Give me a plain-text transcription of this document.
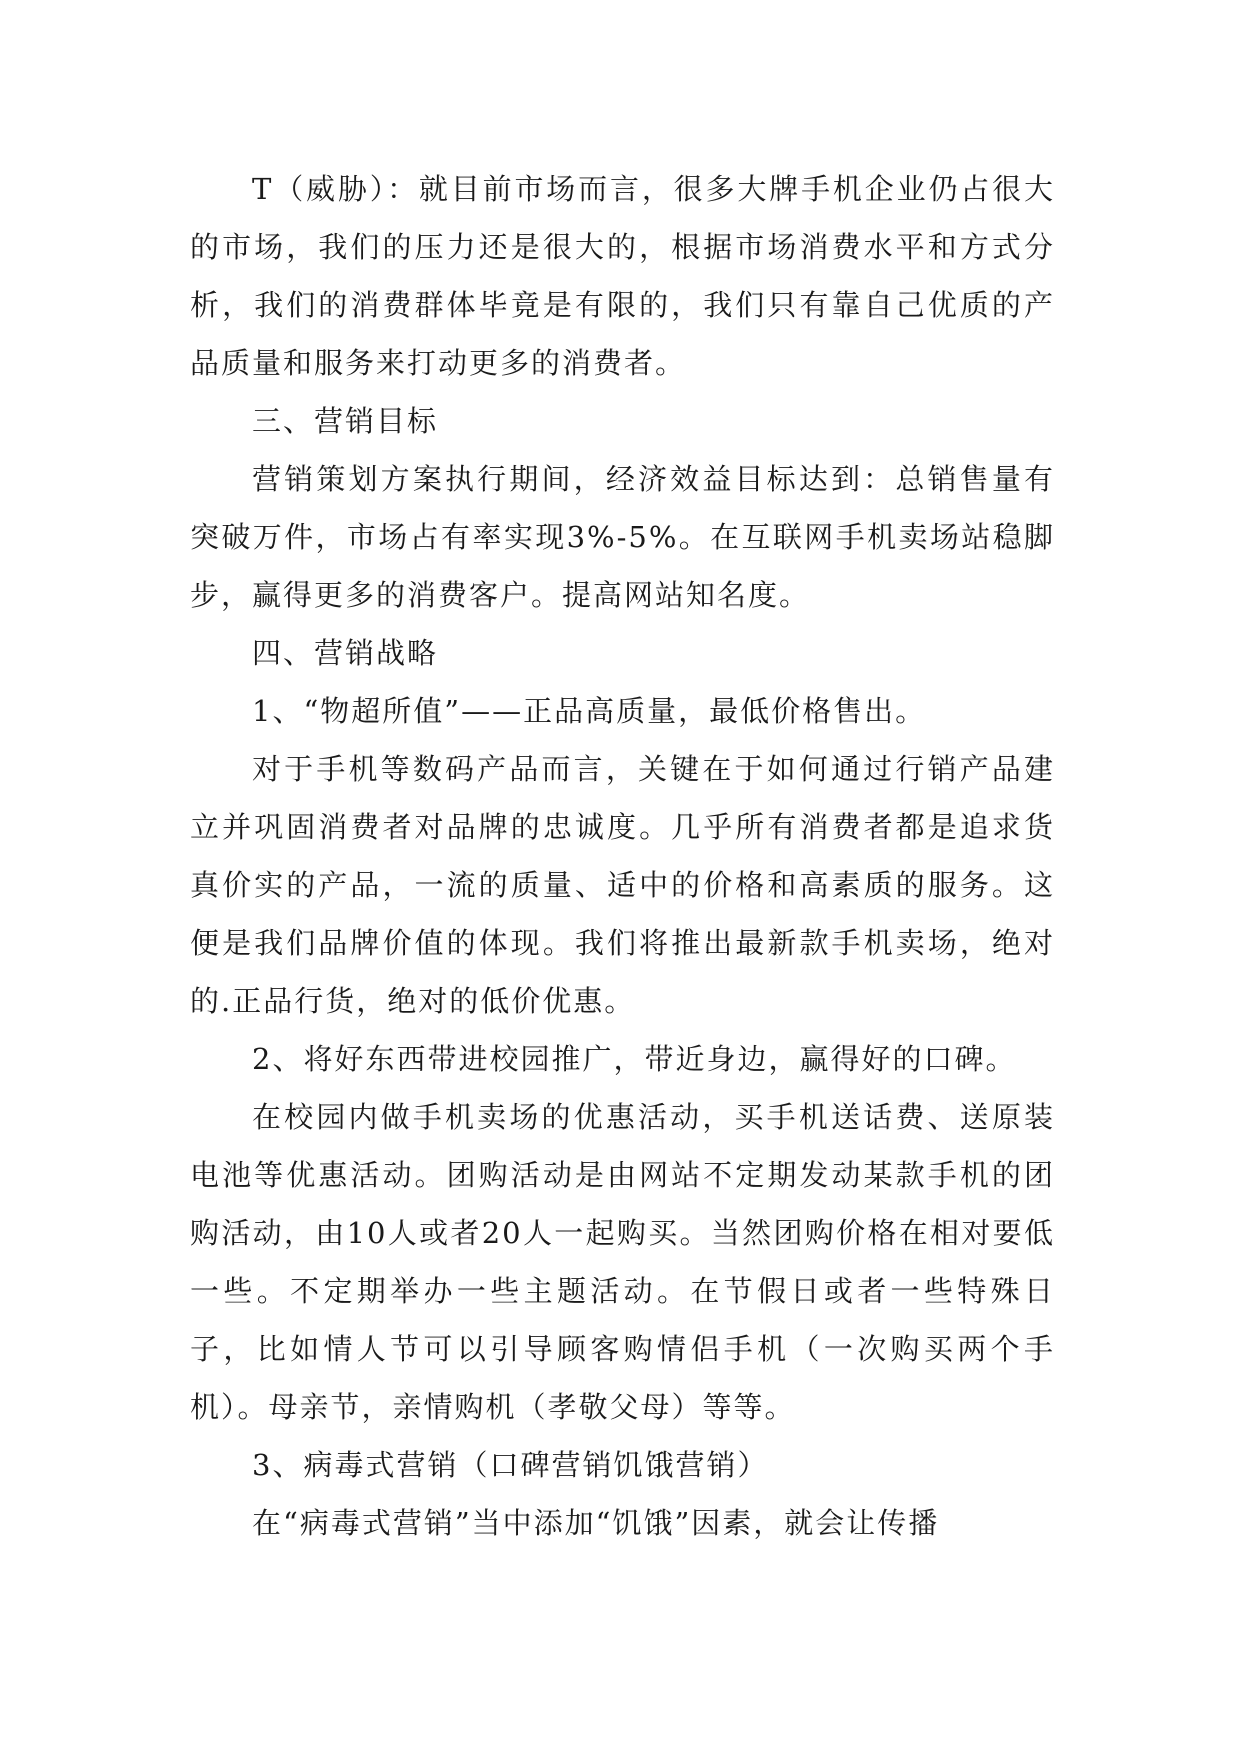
T（威胁）：就目前市场而言，很多大牌手机企业仍占很大的市场，我们的压力还是很大的，根据市场消费水平和方式分析，我们的消费群体毕竟是有限的，我们只有靠自己优质的产品质量和服务来打动更多的消费者。

三、营销目标

营销策划方案执行期间，经济效益目标达到：总销售量有突破万件，市场占有率实现3%-5%。在互联网手机卖场站稳脚步，赢得更多的消费客户。提高网站知名度。

四、营销战略

1、“物超所值”——正品高质量，最低价格售出。

对于手机等数码产品而言，关键在于如何通过行销产品建立并巩固消费者对品牌的忠诚度。几乎所有消费者都是追求货真价实的产品，一流的质量、适中的价格和高素质的服务。这便是我们品牌价值的体现。我们将推出最新款手机卖场，绝对的.正品行货，绝对的低价优惠。

2、将好东西带进校园推广，带近身边，赢得好的口碑。

在校园内做手机卖场的优惠活动，买手机送话费、送原装电池等优惠活动。团购活动是由网站不定期发动某款手机的团购活动，由10人或者20人一起购买。当然团购价格在相对要低一些。不定期举办一些主题活动。在节假日或者一些特殊日子，比如情人节可以引导顾客购情侣手机（一次购买两个手机）。母亲节，亲情购机（孝敬父母）等等。

3、病毒式营销（口碑营销饥饿营销）

在“病毒式营销”当中添加“饥饿”因素，就会让传播
